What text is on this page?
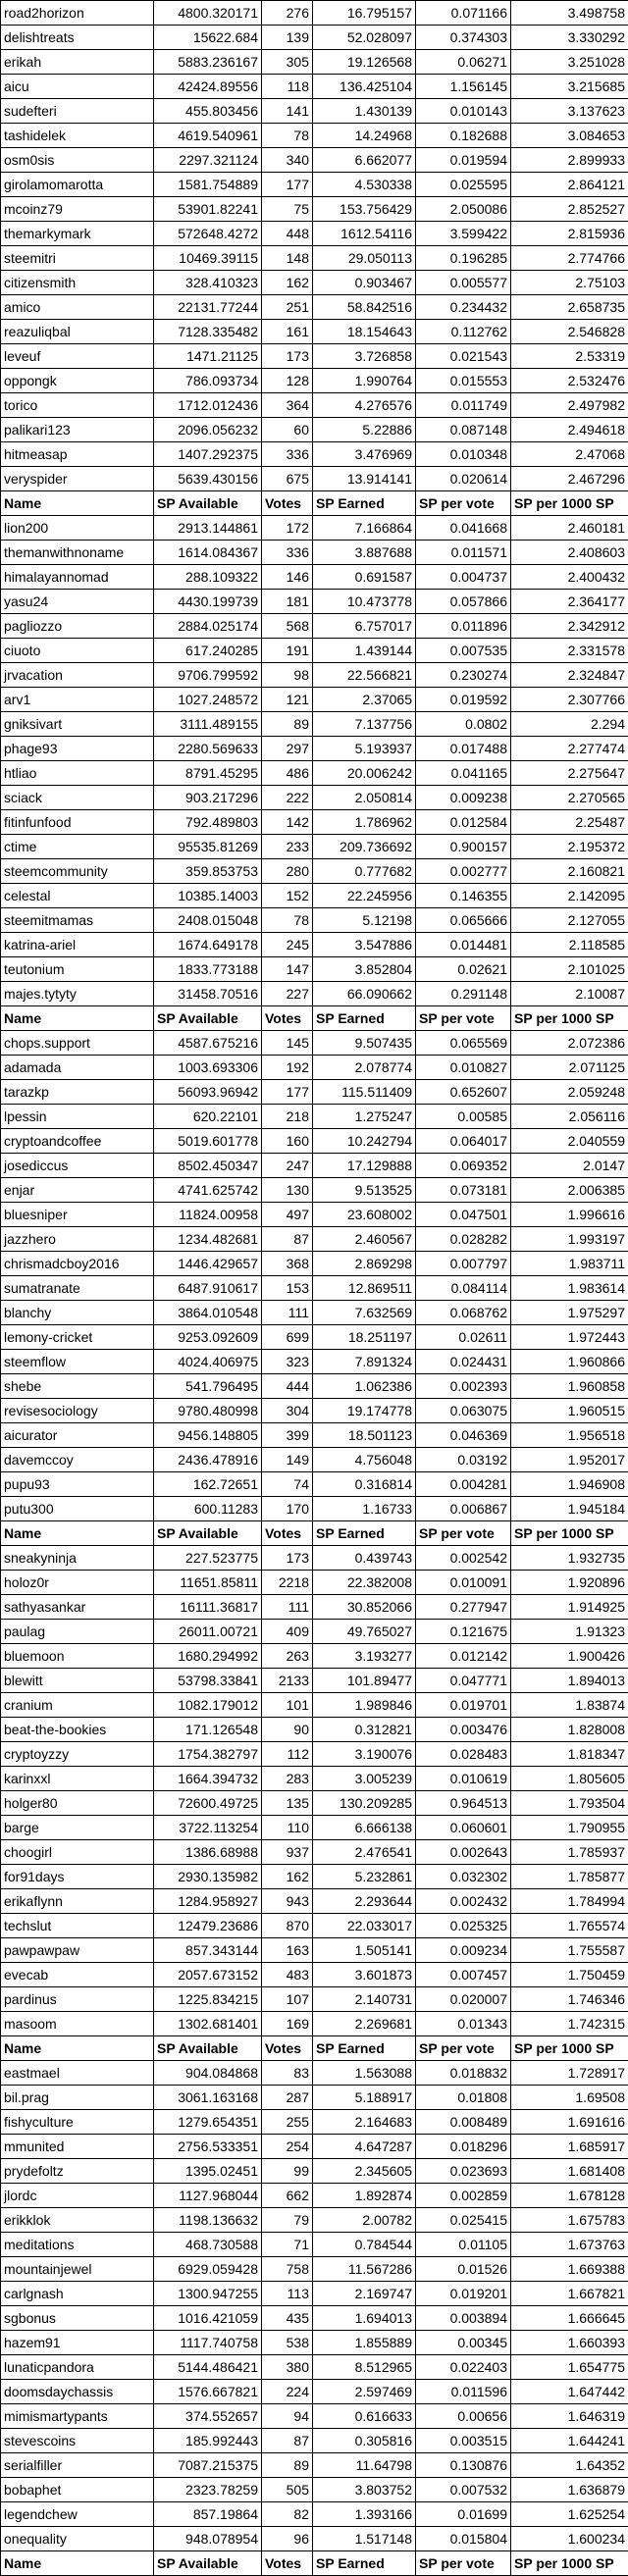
road2horizon	4800.320171	276	16.795157	0.071166	3.498758
delishtreats	15622.684	139	52.028097	0.374303	3.330292
erikah	5883.236167	305	19.126568	0.06271	3.251028
aicu	42424.89556	118	136.425104	1.156145	3.215685
sudefteri	455.803456	141	1.430139	0.010143	3.137623
tashidelek	4619.540961	78	14.24968	0.182688	3.084653
osm0sis	2297.321124	340	6.662077	0.019594	2.899933
girolamomarotta	1581.754889	177	4.530338	0.025595	2.864121
mcoinz79	53901.82241	75	153.756429	2.050086	2.852527
themarkymark	572648.4272	448	1612.54116	3.599422	2.815936
steemitri	10469.39115	148	29.050113	0.196285	2.774766
citizensmith	328.410323	162	0.903467	0.005577	2.75103
amico	22131.77244	251	58.842516	0.234432	2.658735
reazuliqbal	7128.335482	161	18.154643	0.112762	2.546828
leveuf	1471.21125	173	3.726858	0.021543	2.53319
oppongk	786.093734	128	1.990764	0.015553	2.532476
torico	1712.012436	364	4.276576	0.011749	2.497982
palikari123	2096.056232	60	5.22886	0.087148	2.494618
hitmeasap	1407.292375	336	3.476969	0.010348	2.47068
veryspider	5639.430156	675	13.914141	0.020614	2.467296
Name	SP Available	Votes	SP Earned	SP per vote	SP per 1000 SP
lion200	2913.144861	172	7.166864	0.041668	2.460181
themanwithnoname	1614.084367	336	3.887688	0.011571	2.408603
himalayannomad	288.109322	146	0.691587	0.004737	2.400432
yasu24	4430.199739	181	10.473778	0.057866	2.364177
pagliozzo	2884.025174	568	6.757017	0.011896	2.342912
ciuoto	617.240285	191	1.439144	0.007535	2.331578
jrvacation	9706.799592	98	22.566821	0.230274	2.324847
arv1	1027.248572	121	2.37065	0.019592	2.307766
gniksivart	3111.489155	89	7.137756	0.0802	2.294
phage93	2280.569633	297	5.193937	0.017488	2.277474
htliao	8791.45295	486	20.006242	0.041165	2.275647
sciack	903.217296	222	2.050814	0.009238	2.270565
fitinfunfood	792.489803	142	1.786962	0.012584	2.25487
ctime	95535.81269	233	209.736692	0.900157	2.195372
steemcommunity	359.853753	280	0.777682	0.002777	2.160821
celestal	10385.14003	152	22.245956	0.146355	2.142095
steemitmamas	2408.015048	78	5.12198	0.065666	2.127055
katrina-ariel	1674.649178	245	3.547886	0.014481	2.118585
teutonium	1833.773188	147	3.852804	0.02621	2.101025
majes.tytyty	31458.70516	227	66.090662	0.291148	2.10087
Name	SP Available	Votes	SP Earned	SP per vote	SP per 1000 SP
chops.support	4587.675216	145	9.507435	0.065569	2.072386
adamada	1003.693306	192	2.078774	0.010827	2.071125
tarazkp	56093.96942	177	115.511409	0.652607	2.059248
lpessin	620.22101	218	1.275247	0.00585	2.056116
cryptoandcoffee	5019.601778	160	10.242794	0.064017	2.040559
josediccus	8502.450347	247	17.129888	0.069352	2.0147
enjar	4741.625742	130	9.513525	0.073181	2.006385
bluesniper	11824.00958	497	23.608002	0.047501	1.996616
jazzhero	1234.482681	87	2.460567	0.028282	1.993197
chrismadcboy2016	1446.429657	368	2.869298	0.007797	1.983711
sumatranate	6487.910617	153	12.869511	0.084114	1.983614
blanchy	3864.010548	111	7.632569	0.068762	1.975297
lemony-cricket	9253.092609	699	18.251197	0.02611	1.972443
steemflow	4024.406975	323	7.891324	0.024431	1.960866
shebe	541.796495	444	1.062386	0.002393	1.960858
revisesociology	9780.480998	304	19.174778	0.063075	1.960515
aicurator	9456.148805	399	18.501123	0.046369	1.956518
davemccoy	2436.478916	149	4.756048	0.03192	1.952017
pupu93	162.72651	74	0.316814	0.004281	1.946908
putu300	600.11283	170	1.16733	0.006867	1.945184
Name	SP Available	Votes	SP Earned	SP per vote	SP per 1000 SP
sneakyninja	227.523775	173	0.439743	0.002542	1.932735
holoz0r	11651.85811	2218	22.382008	0.010091	1.920896
sathyasankar	16111.36817	111	30.852066	0.277947	1.914925
paulag	26011.00721	409	49.765027	0.121675	1.91323
bluemoon	1680.294992	263	3.193277	0.012142	1.900426
blewitt	53798.33841	2133	101.89477	0.047771	1.894013
cranium	1082.179012	101	1.989846	0.019701	1.83874
beat-the-bookies	171.126548	90	0.312821	0.003476	1.828008
cryptoyzzy	1754.382797	112	3.190076	0.028483	1.818347
karinxxl	1664.394732	283	3.005239	0.010619	1.805605
holger80	72600.49725	135	130.209285	0.964513	1.793504
barge	3722.113254	110	6.666138	0.060601	1.790955
choogirl	1386.68988	937	2.476541	0.002643	1.785937
for91days	2930.135982	162	5.232861	0.032302	1.785877
erikaflynn	1284.958927	943	2.293644	0.002432	1.784994
techslut	12479.23686	870	22.033017	0.025325	1.765574
pawpawpaw	857.343144	163	1.505141	0.009234	1.755587
evecab	2057.673152	483	3.601873	0.007457	1.750459
pardinus	1225.834215	107	2.140731	0.020007	1.746346
masoom	1302.681401	169	2.269681	0.01343	1.742315
Name	SP Available	Votes	SP Earned	SP per vote	SP per 1000 SP
eastmael	904.084868	83	1.563088	0.018832	1.728917
bil.prag	3061.163168	287	5.188917	0.01808	1.69508
fishyculture	1279.654351	255	2.164683	0.008489	1.691616
mmunited	2756.533351	254	4.647287	0.018296	1.685917
prydefoltz	1395.02451	99	2.345605	0.023693	1.681408
jlordc	1127.968044	662	1.892874	0.002859	1.678128
erikklok	1198.136632	79	2.00782	0.025415	1.675783
meditations	468.730588	71	0.784544	0.01105	1.673763
mountainjewel	6929.059428	758	11.567286	0.01526	1.669388
carlgnash	1300.947255	113	2.169747	0.019201	1.667821
sgbonus	1016.421059	435	1.694013	0.003894	1.666645
hazem91	1117.740758	538	1.855889	0.00345	1.660393
lunaticpandora	5144.486421	380	8.512965	0.022403	1.654775
doomsdaychassis	1576.667821	224	2.597469	0.011596	1.647442
mimismartypants	374.552657	94	0.616633	0.00656	1.646319
stevescoins	185.992443	87	0.305816	0.003515	1.644241
serialfiller	7087.215375	89	11.64798	0.130876	1.64352
bobaphet	2323.78259	505	3.803752	0.007532	1.636879
legendchew	857.19864	82	1.393166	0.01699	1.625254
onequality	948.078954	96	1.517148	0.015804	1.600234
Name	SP Available	Votes	SP Earned	SP per vote	SP per 1000 SP
